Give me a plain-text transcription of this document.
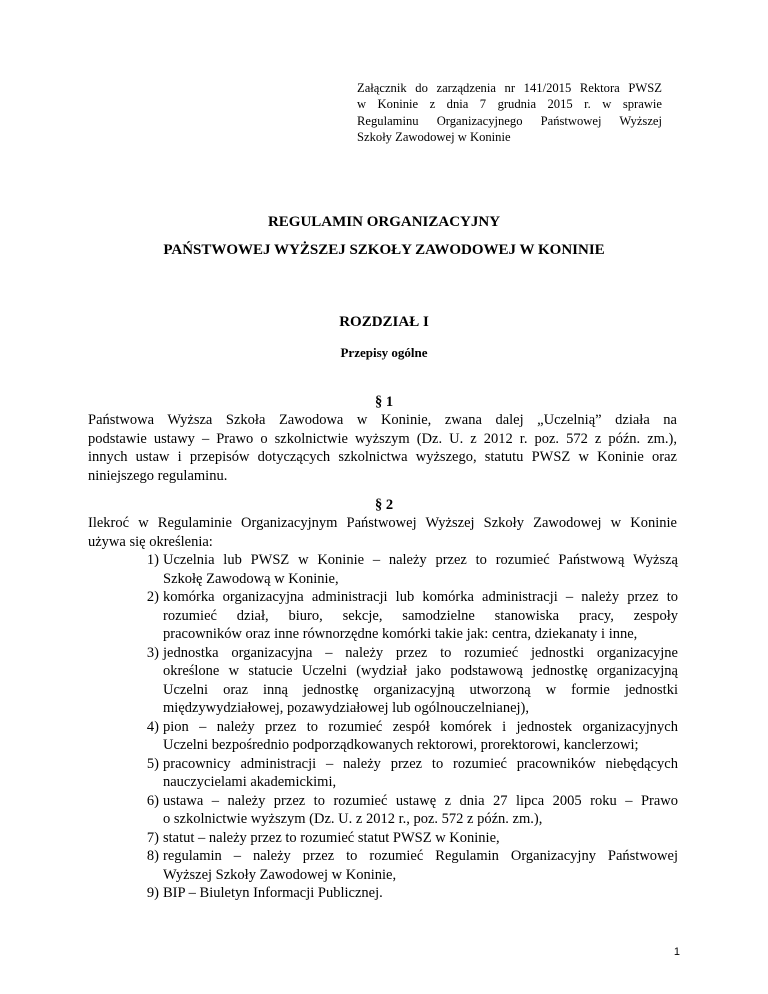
Załącznik do zarządzenia nr 141/2015 Rektora PWSZ
w Koninie z dnia 7 grudnia 2015 r. w sprawie
Regulaminu Organizacyjnego Państwowej Wyższej
Szkoły Zawodowej w Koninie
REGULAMIN ORGANIZACYJNY
PAŃSTWOWEJ WYŻSZEJ SZKOŁY ZAWODOWEJ W KONINIE
ROZDZIAŁ I
Przepisy ogólne
§ 1
Państwowa Wyższa Szkoła Zawodowa w Koninie, zwana dalej „Uczelnią” działa na
podstawie ustawy – Prawo o szkolnictwie wyższym (Dz. U. z 2012 r. poz. 572 z późn. zm.),
innych ustaw i przepisów dotyczących szkolnictwa wyższego, statutu PWSZ w Koninie oraz
niniejszego regulaminu.
§ 2
Ilekroć w Regulaminie Organizacyjnym Państwowej Wyższej Szkoły Zawodowej w Koninie
używa się określenia:
1) Uczelnia lub PWSZ w Koninie – należy przez to rozumieć Państwową Wyższą
Szkołę Zawodową w Koninie,
2) komórka organizacyjna administracji lub komórka administracji – należy przez to
rozumieć dział, biuro, sekcje, samodzielne stanowiska pracy, zespoły
pracowników oraz inne równorzędne komórki takie jak: centra, dziekanaty i inne,
3) jednostka organizacyjna – należy przez to rozumieć jednostki organizacyjne
określone w statucie Uczelni (wydział jako podstawową jednostkę organizacyjną
Uczelni oraz inną jednostkę organizacyjną utworzoną w formie jednostki
międzywydziałowej, pozawydziałowej lub ogólnouczelnianej),
4) pion – należy przez to rozumieć zespół komórek i jednostek organizacyjnych
Uczelni bezpośrednio podporządkowanych rektorowi, prorektorowi, kanclerzowi;
5) pracownicy administracji – należy przez to rozumieć pracowników niebędących
nauczycielami akademickimi,
6) ustawa – należy przez to rozumieć ustawę z dnia 27 lipca 2005 roku – Prawo
o szkolnictwie wyższym (Dz. U. z 2012 r., poz. 572 z późn. zm.),
7) statut – należy przez to rozumieć statut PWSZ w Koninie,
8) regulamin – należy przez to rozumieć Regulamin Organizacyjny Państwowej
Wyższej Szkoły Zawodowej w Koninie,
9) BIP – Biuletyn Informacji Publicznej.
1
